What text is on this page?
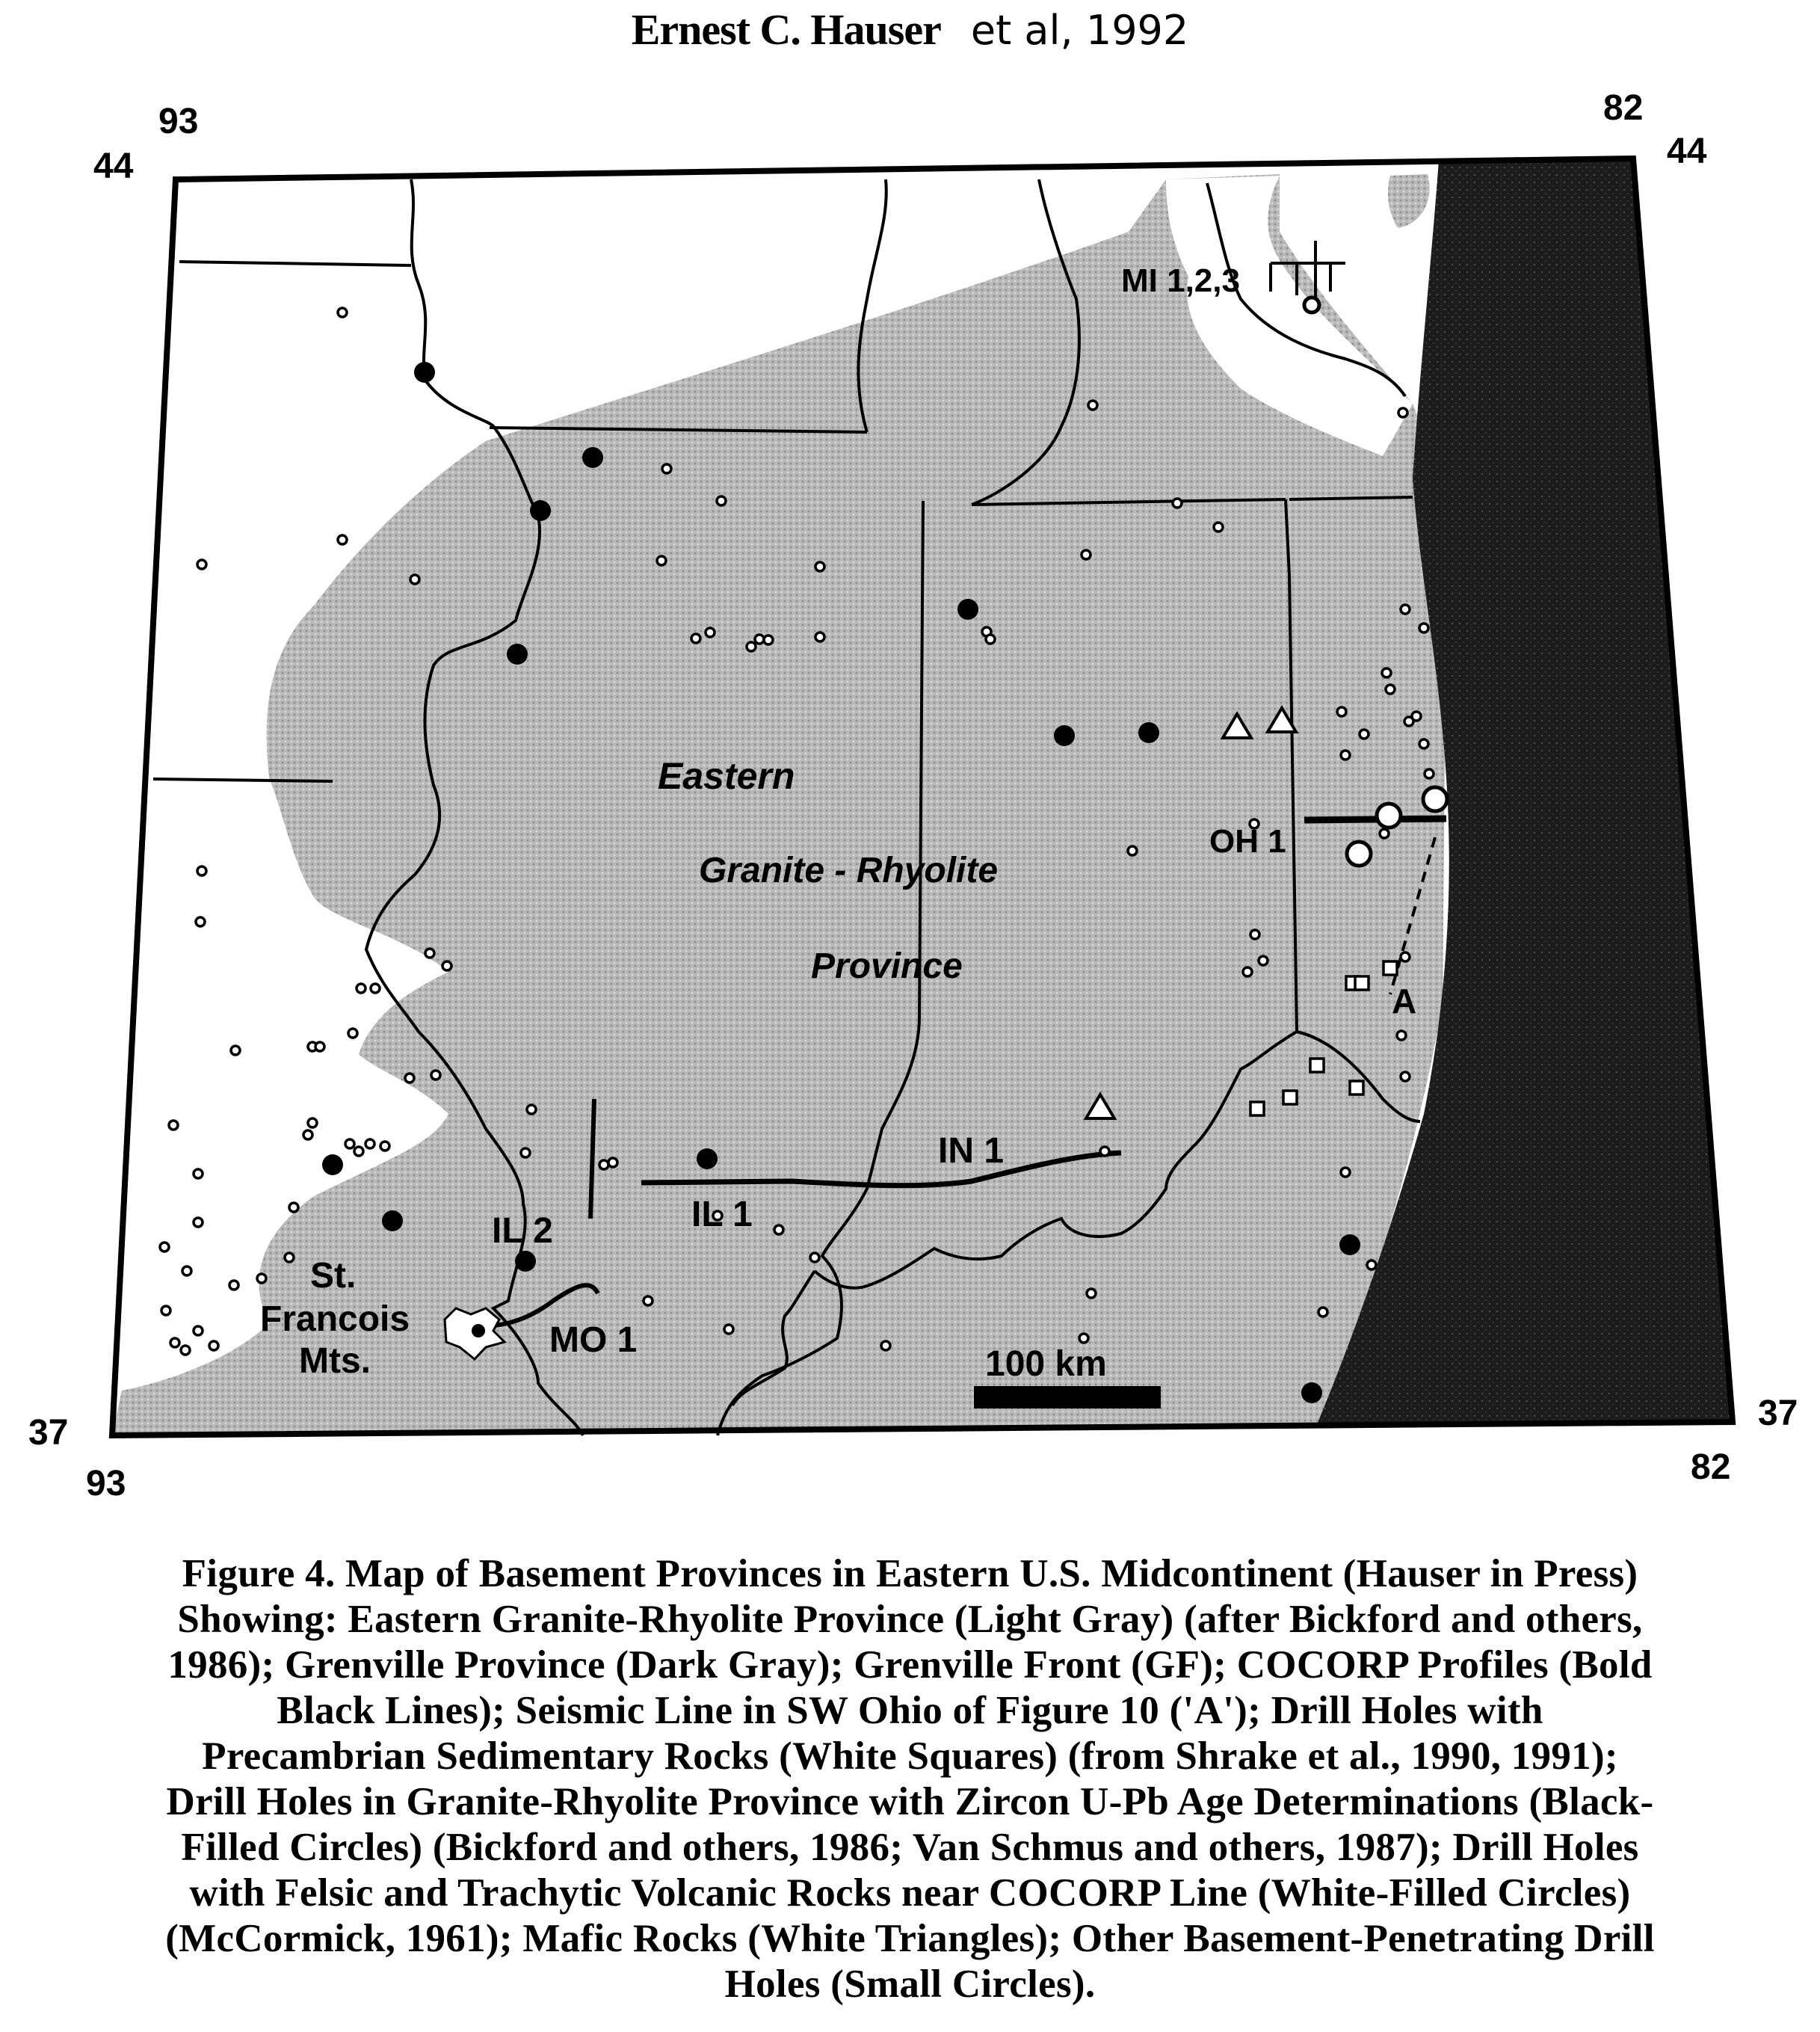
Ernest C. Hauser et al, 1992
93
44
82
44
37
93
37
82
Eastern
Granite - Rhyolite
Province
MI 1,2,3
OH 1
A
IN 1
IL 1
IL 2
MO 1
St.
Francois
Mts.	100 km

Figure 4. Map of Basement Provinces in Eastern U.S. Midcontinent (Hauser in Press)

Showing: Eastern Granite-Rhyolite Province (Light Gray) (after Bickford and others,

1986); Grenville Province (Dark Gray); Grenville Front (GF); COCORP Profiles (Bold

Black Lines); Seismic Line in SW Ohio of Figure 10 ('A'); Drill Holes with

Precambrian Sedimentary Rocks (White Squares) (from Shrake et al., 1990, 1991);

Drill Holes in Granite-Rhyolite Province with Zircon U-Pb Age Determinations (Black-

Filled Circles) (Bickford and others, 1986; Van Schmus and others, 1987); Drill Holes

with Felsic and Trachytic Volcanic Rocks near COCORP Line (White-Filled Circles)

(McCormick, 1961); Mafic Rocks (White Triangles); Other Basement-Penetrating Drill

Holes (Small Circles).
